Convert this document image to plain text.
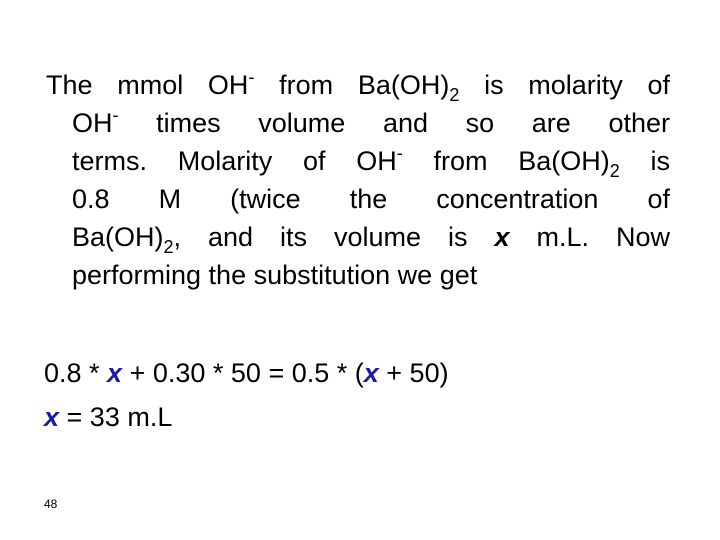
The mmol OH- from $Ba(OH)_2$ is molarity of
OH- times volume and so are other
terms. Molarity of OH- from $Ba(OH)_2$ is
0.8 M (twice the concentration of
$Ba(OH)_2$, and its volume is x m.L. Now
performing the substitution we get
0.8 * x + 0.30 * 50 = 0.5 * (x + 50)
x = 33 m.L
48
